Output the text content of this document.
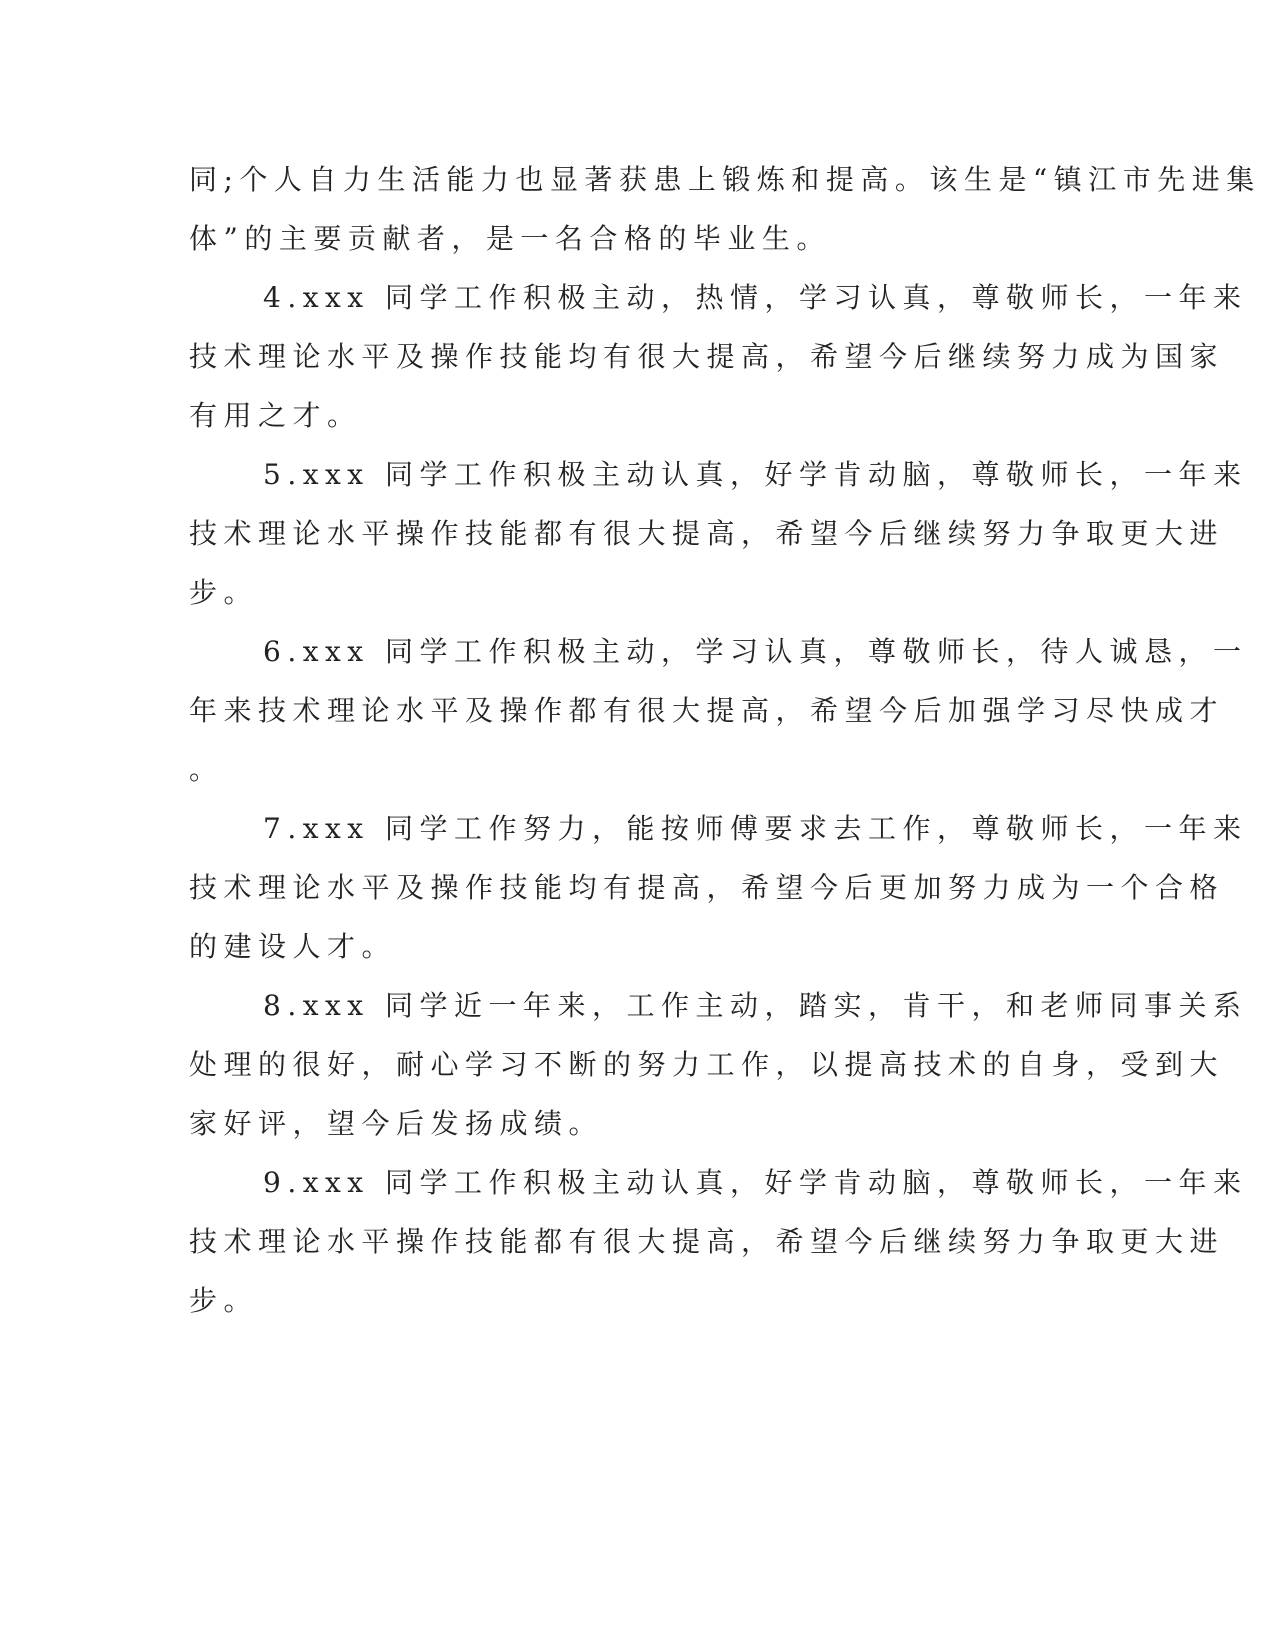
同;个人自力生活能力也显著获患上锻炼和提高。该生是“镇江市先进集
体”的主要贡献者，是一名合格的毕业生。
4.xxx 同学工作积极主动，热情，学习认真，尊敬师长，一年来
技术理论水平及操作技能均有很大提高，希望今后继续努力成为国家
有用之才。
5.xxx 同学工作积极主动认真，好学肯动脑，尊敬师长，一年来
技术理论水平操作技能都有很大提高，希望今后继续努力争取更大进
步。
6.xxx 同学工作积极主动，学习认真，尊敬师长，待人诚恳，一
年来技术理论水平及操作都有很大提高，希望今后加强学习尽快成才
。
7.xxx 同学工作努力，能按师傅要求去工作，尊敬师长，一年来
技术理论水平及操作技能均有提高，希望今后更加努力成为一个合格
的建设人才。
8.xxx 同学近一年来，工作主动，踏实，肯干，和老师同事关系
处理的很好，耐心学习不断的努力工作，以提高技术的自身，受到大
家好评，望今后发扬成绩。
9.xxx 同学工作积极主动认真，好学肯动脑，尊敬师长，一年来
技术理论水平操作技能都有很大提高，希望今后继续努力争取更大进
步。
